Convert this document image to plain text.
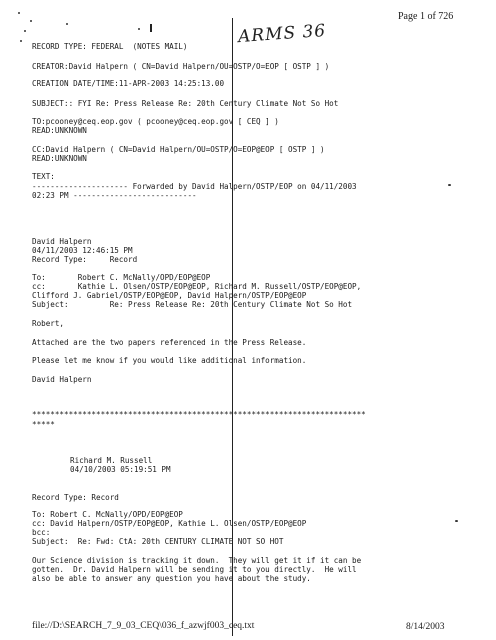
Page 1 of 726
ARMS 36
RECORD TYPE: FEDERAL  (NOTES MAIL)
CREATOR:David Halpern ( CN=David Halpern/OU=OSTP/O=EOP [ OSTP ] )
CREATION DATE/TIME:11-APR-2003 14:25:13.00
SUBJECT:: FYI Re: Press Release Re: 20th Century Climate Not So Hot
TO:pcooney@ceq.eop.gov ( pcooney@ceq.eop.gov [ CEQ ] )
READ:UNKNOWN
CC:David Halpern ( CN=David Halpern/OU=OSTP/O=EOP@EOP [ OSTP ] )
READ:UNKNOWN
TEXT:
--------------------- Forwarded by David Halpern/OSTP/EOP on 04/11/2003
02:23 PM ---------------------------
David Halpern
04/11/2003 12:46:15 PM
Record Type:     Record
To:       Robert C. McNally/OPD/EOP@EOP
cc:       Kathie L. Olsen/OSTP/EOP@EOP, Richard M. Russell/OSTP/EOP@EOP,
Clifford J. Gabriel/OSTP/EOP@EOP, David Halpern/OSTP/EOP@EOP
Subject:         Re: Press Release Re: 20th Century Climate Not So Hot
Robert,
Attached are the two papers referenced in the Press Release.
Please let me know if you would like additional information.
David Halpern
*************************************************************************
*****
Richard M. Russell
04/10/2003 05:19:51 PM
Record Type: Record
To: Robert C. McNally/OPD/EOP@EOP
cc: David Halpern/OSTP/EOP@EOP, Kathie L. Olsen/OSTP/EOP@EOP
bcc:
Subject:  Re: Fwd: CtA: 20th CENTURY CLIMATE NOT SO HOT
Our Science division is tracking it down.  They will get it if it can be
gotten.  Dr. David Halpern will be sending it to you directly.  He will
also be able to answer any question you have about the study.
file://D:\SEARCH_7_9_03_CEQ\036_f_azwjf003_ceq.txt	8/14/2003
